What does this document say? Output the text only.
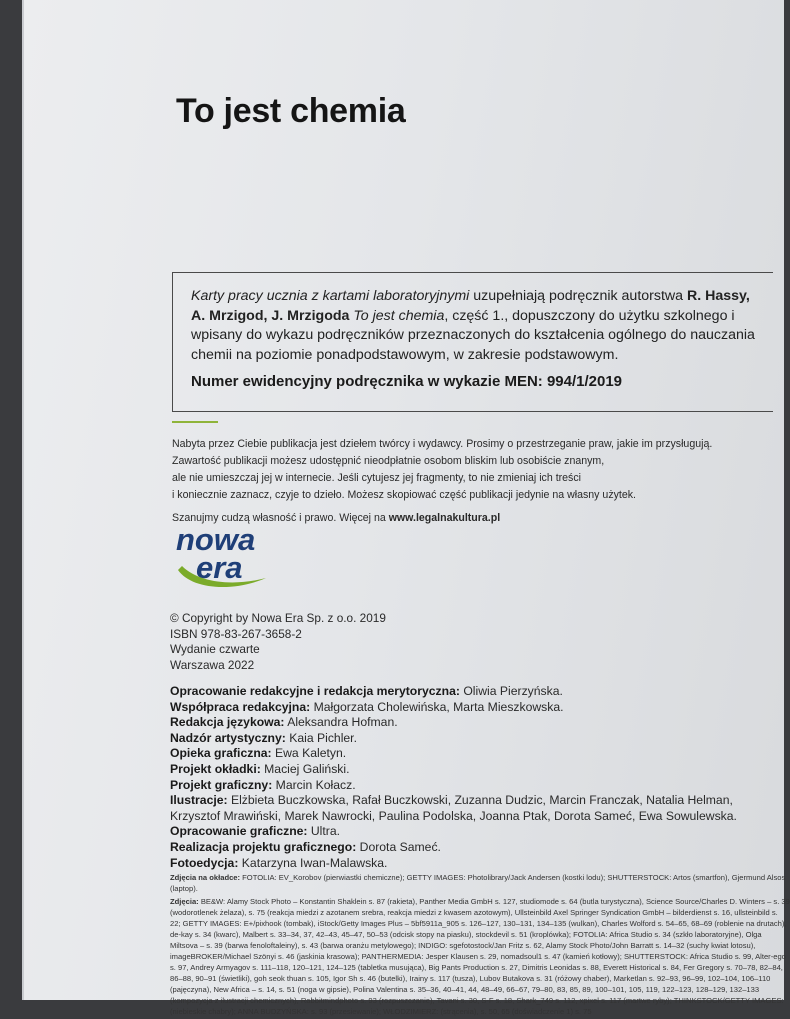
To jest chemia
Karty pracy ucznia z kartami laboratoryjnymi uzupełniają podręcznik autorstwa R. Hassy,
A. Mrzigod, J. Mrzigoda To jest chemia, część 1., dopuszczony do użytku szkolnego i wpisany do wykazu podręczników przeznaczonych do kształcenia ogólnego do nauczania chemii na poziomie ponadpodstawowym, w zakresie podstawowym.
Numer ewidencyjny podręcznika w wykazie MEN: 994/1/2019

Nabyta przez Ciebie publikacja jest dziełem twórcy i wydawcy. Prosimy o przestrzeganie praw, jakie im przysługują.

Zawartość publikacji możesz udostępnić nieodpłatnie osobom bliskim lub osobiście znanym,

ale nie umieszczaj jej w internecie. Jeśli cytujesz jej fragmenty, to nie zmieniaj ich treści

i koniecznie zaznacz, czyje to dzieło. Możesz skopiować część publikacji jedynie na własny użytek.

Szanujmy cudzą własność i prawo. Więcej na www.legalnakultura.pl

nowa
era
© Copyright by Nowa Era Sp. z o.o. 2019
ISBN 978-83-267-3658-2
Wydanie czwarte
Warszawa 2022
Opracowanie redakcyjne i redakcja merytoryczna: Oliwia Pierzyńska.
Współpraca redakcyjna: Małgorzata Cholewińska, Marta Mieszkowska.
Redakcja językowa: Aleksandra Hofman.
Nadzór artystyczny: Kaia Pichler.
Opieka graficzna: Ewa Kaletyn.
Projekt okładki: Maciej Galiński.
Projekt graficzny: Marcin Kołacz.
Ilustracje: Elżbieta Buczkowska, Rafał Buczkowski, Zuzanna Dudzic, Marcin Franczak, Natalia Helman, Krzysztof Mrawiński, Marek Nawrocki, Paulina Podolska, Joanna Ptak, Dorota Sameć, Ewa Sowulewska.
Opracowanie graficzne: Ultra.
Realizacja projektu graficznego: Dorota Sameć.
Fotoedycja: Katarzyna Iwan-Malawska.

Zdjęcia na okładce: FOTOLIA: EV_Korobov (pierwiastki chemiczne); GETTY IMAGES: Photolibrary/Jack Andersen (kostki lodu); SHUTTERSTOCK: Artos (smartfon), Gjermund Alsos (laptop).

Zdjęcia: BE&W: Alamy Stock Photo – Konstantin Shaklein s. 87 (rakieta), Panther Media GmbH s. 127, studiomode s. 64 (butla turystyczna), Science Source/Charles D. Winters – s. 39 (wodorotlenek żelaza), s. 75 (reakcja miedzi z azotanem srebra, reakcja miedzi z kwasem azotowym), Ullsteinbild Axel Springer Syndication GmbH – bilderdienst s. 16, ullsteinbild s. 22; GETTY IMAGES: E+/pixhook (tombak), iStock/Getty Images Plus – 5bf5911a_905 s. 126–127, 130–131, 134–135 (wulkan), Charles Wolford s. 54–65, 68–69 (roblenie na drutach), de-kay s. 34 (kwarc), Malbert s. 33–34, 37, 42–43, 45–47, 50–53 (odcisk stopy na piasku), stockdevil s. 51 (kroplówka); FOTOLIA: Africa Studio s. 34 (szkło laboratoryjne), Olga Miltsova – s. 39 (barwa fenoloftaleiny), s. 43 (barwa oranżu metylowego); INDIGO: sgefotostock/Jan Fritz s. 62, Alamy Stock Photo/John Barratt s. 14–32 (suchy kwiat lotosu), imageBROKER/Michael Szönyi s. 46 (jaskinia krasowa); PANTHERMEDIA: Jesper Klausen s. 29, nomadsoul1 s. 47 (kamień kotłowy); SHUTTERSTOCK: Africa Studio s. 99, Alter-ego s. 97, Andrey Armyagov s. 111–118, 120–121, 124–125 (tabletka musująca), Big Pants Production s. 27, Dimitris Leonidas s. 88, Everett Historical s. 84, Fer Gregory s. 70–78, 82–84, 86–88, 90–91 (świetliki), goh seok thuan s. 105, Igor Sh s. 46 (butelki), Irainy s. 117 (tusza), Lubov Butakova s. 31 (różowy chaber), Marketlan s. 92–93, 96–99, 102–104, 106–110 (pajęczyna), New Africa – s. 14, s. 51 (noga w gipsie), Polina Valentina s. 35–36, 40–41, 44, 48–49, 66–67, 79–80, 83, 85, 89, 100–101, 105, 119, 122–123, 128–129, 132–133 (kompozycja z ilustracji chemicznych), Rabbitmindphoto s. 93 (rozpuszczanie), Tavani s. 30, S-F s. 18, Shark_749 s. 112, xpixel s. 117 (martwe ryby); THINKSTOCK/GETTY IMAGES: (niebieskie chabry); ANNA BUDZYŃSKA: s. 93 (przesiewanie); WŁODZIMIERZ: (strącenia), s. 50, 65 (doświadczenie 1) s. 75
